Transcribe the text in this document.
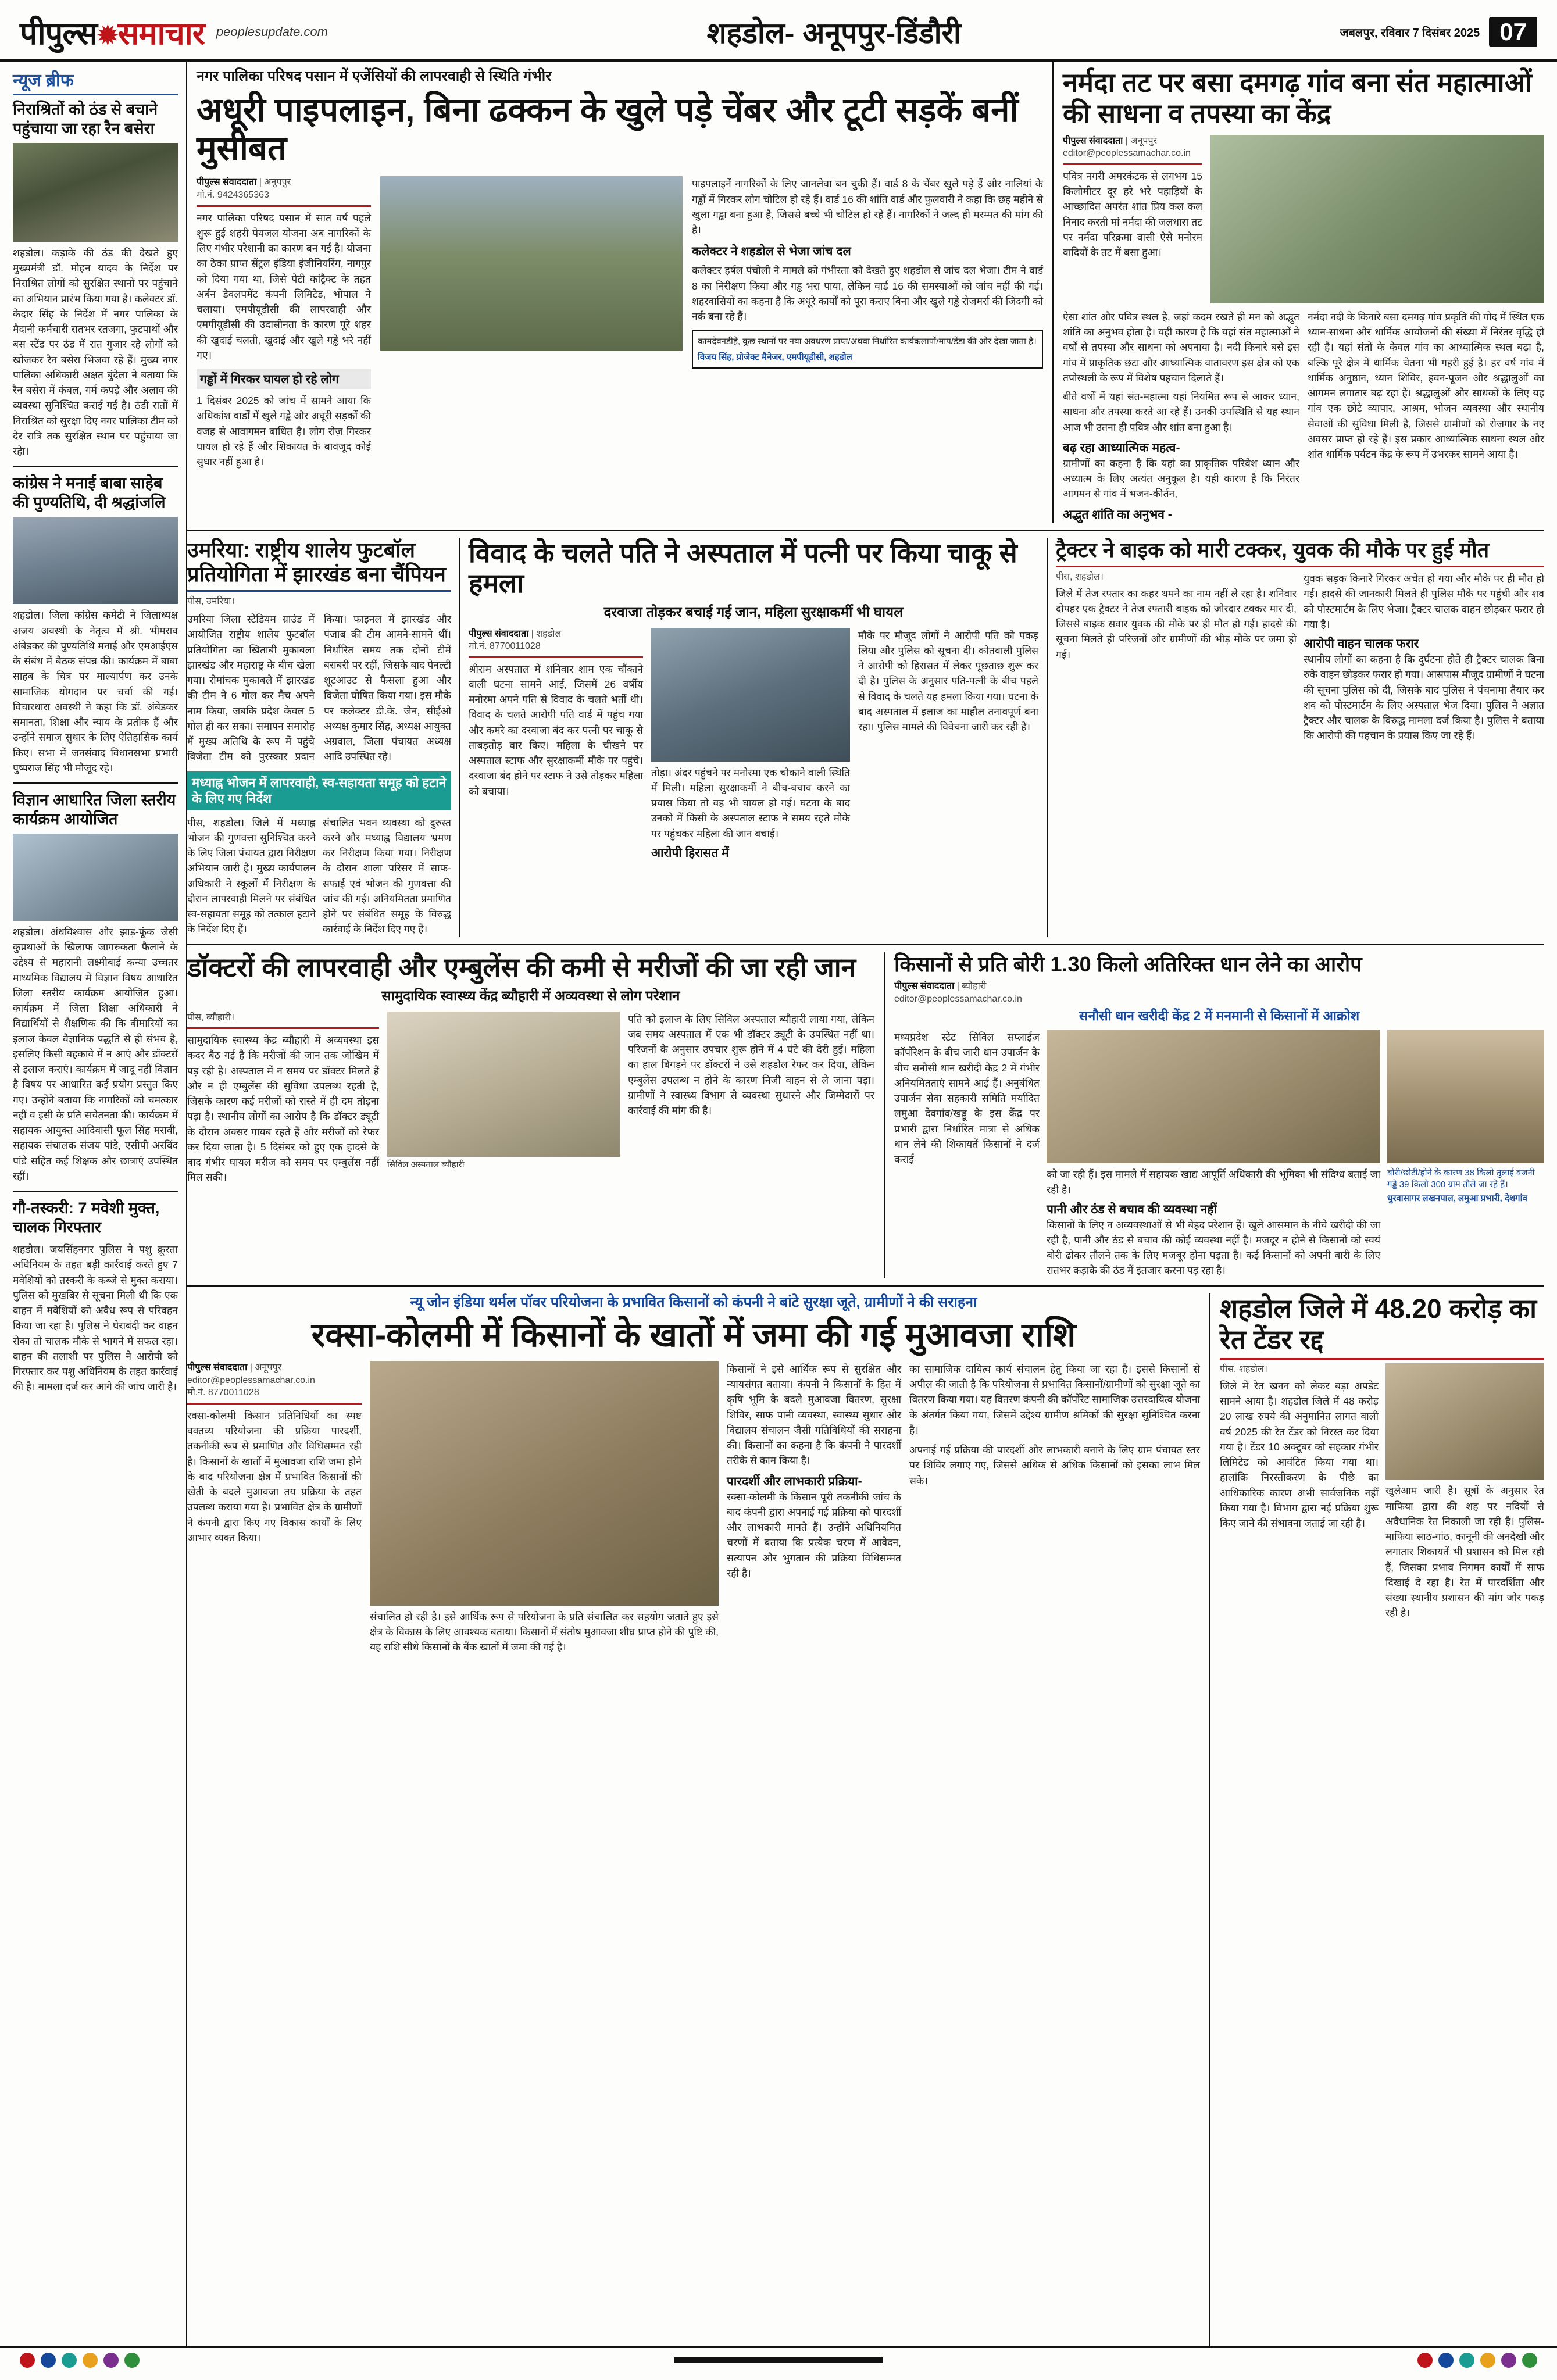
पीपुल्स✹समाचार peoplesupdate.com	शहडोल- अनूपपुर-डिंडौरी	जबलपुर, रविवार 7 दिसंबर 2025 07
न्यूज ब्रीफ
निराश्रितों को ठंड से बचाने पहुंचाया जा रहा रैन बसेरा
शहडोल। कड़ाके की ठंड की देखते हुए मुख्यमंत्री डॉ. मोहन यादव के निर्देश पर निराश्रित लोगों को सुरक्षित स्थानों पर पहुंचाने का अभियान प्रारंभ किया गया है। कलेक्टर डॉ. केदार सिंह के निर्देश में नगर पालिका के मैदानी कर्मचारी रातभर रतजगा, फुटपाथों और बस स्टेंड पर ठंड में रात गुजार रहे लोगों को खोजकर रैन बसेरा भिजवा रहे हैं। मुख्य नगर पालिका अधिकारी अक्षत बुंदेला ने बताया कि रैन बसेरा में कंबल, गर्म कपड़े और अलाव की व्यवस्था सुनिश्चित कराई गई है। ठंडी रातों में निराश्रित को सुरक्षा दिए नगर पालिका टीम को देर रात्रि तक सुरक्षित स्थान पर पहुंचाया जा रहेा।
कांग्रेस ने मनाई बाबा साहेब की पुण्यतिथि, दी श्रद्धांजलि
शहडोल। जिला कांग्रेस कमेटी ने जिलाध्यक्ष अजय अवस्थी के नेतृत्व में श्री. भीमराव अंबेडकर की पुण्यतिथि मनाई और एमआईएस के संबंध में बैठक संपन्न की। कार्यक्रम में बाबा साहब के चित्र पर माल्यार्पण कर उनके सामाजिक योगदान पर चर्चा की गई। विचारधारा अवस्थी ने कहा कि डॉ. अंबेडकर समानता, शिक्षा और न्याय के प्रतीक हैं और उन्होंने समाज सुधार के लिए ऐतिहासिक कार्य किए। सभा में जनसंवाद विधानसभा प्रभारी पुष्पराज सिंह भी मौजूद रहे।
विज्ञान आधारित जिला स्तरीय कार्यक्रम आयोजित
शहडोल। अंधविश्वास और झाड़-फूंक जैसी कुप्रथाओं के खिलाफ जागरुकता फैलाने के उद्देश्य से महारानी लक्ष्मीबाई कन्या उच्चतर माध्यमिक विद्यालय में विज्ञान विषय आधारित जिला स्तरीय कार्यक्रम आयोजित हुआ। कार्यक्रम में जिला शिक्षा अधिकारी ने विद्यार्थियों से शैक्षणिक की कि बीमारियों का इलाज केवल वैज्ञानिक पद्धति से ही संभव है, इसलिए किसी बहकावे में न आएं और डॉक्टरों से इलाज कराएं। कार्यक्रम में जादू नहीं विज्ञान है विषय पर आधारित कई प्रयोग प्रस्तुत किए गए। उन्होंने बताया कि नागरिकों को चमत्कार नहीं व इसी के प्रति सचेतनता की। कार्यक्रम में सहायक आयुक्त आदिवासी फूल सिंह मरावी, सहायक संचालक संजय पांडे, एसीपी अरविंद पांडे सहित कई शिक्षक और छात्राएं उपस्थित रहीं।
गौ-तस्करी: 7 मवेशी मुक्त, चालक गिरफ्तार
शहडोल। जयसिंहनगर पुलिस ने पशु क्रूरता अधिनियम के तहत बड़ी कार्रवाई करते हुए 7 मवेशियों को तस्करी के कब्जे से मुक्त कराया। पुलिस को मुखबिर से सूचना मिली थी कि एक वाहन में मवेशियों को अवैध रूप से परिवहन किया जा रहा है। पुलिस ने घेराबंदी कर वाहन रोका तो चालक मौके से भागने में सफल रहा। वाहन की तलाशी पर पुलिस ने आरोपी को गिरफ्तार कर पशु अधिनियम के तहत कार्रवाई की है। मामला दर्ज कर आगे की जांच जारी है।
नगर पालिका परिषद पसान में एजेंसियों की लापरवाही से स्थिति गंभीर
अधूरी पाइपलाइन, बिना ढक्कन के खुले पड़े चेंबर और टूटी सड़कें बनीं मुसीबत
पीपुल्स संवाददाता | अनूपपुर
मो.नं. 9424365363
नगर पालिका परिषद पसान में सात वर्ष पहले शुरू हुई शहरी पेयजल योजना अब नागरिकों के लिए गंभीर परेशानी का कारण बन गई है। योजना का ठेका प्राप्त सेंट्रल इंडिया इंजीनियरिंग, नागपुर को दिया गया था, जिसे पेटी कांट्रैक्ट के तहत अर्बन डेवलपमेंट कंपनी लिमिटेड, भोपाल ने चलाया। एमपीयूडीसी की लापरवाही और एमपीयूडीसी की उदासीनता के कारण पूरे शहर की खुदाई चलती, खुदाई और खुले गड्ढे भरे नहीं गए।
गड्ढों में गिरकर घायल हो रहे लोग
1 दिसंबर 2025 को जांच में सामने आया कि अधिकांश वार्डों में खुले गड्ढे और अधूरी सड़कों की वजह से आवागमन बाधित है। लोग रोज़ गिरकर घायल हो रहे हैं और शिकायत के बावजूद कोई सुधार नहीं हुआ है।
पाइपलाइनें नागरिकों के लिए जानलेवा बन चुकी हैं। वार्ड 8 के चेंबर खुले पड़े हैं और नालियां के गड्ढों में गिरकर लोग चोटिल हो रहे हैं। वार्ड 16 की शांति वार्ड और फुलवारी ने कहा कि छह महीने से खुला गड्ढा बना हुआ है, जिससे बच्चे भी चोटिल हो रहे हैं। नागरिकों ने जल्द ही मरम्मत की मांग की है।
कलेक्टर ने शहडोल से भेजा जांच दल
कलेक्टर हर्षल पंचोली ने मामले को गंभीरता को देखते हुए शहडोल से जांच दल भेजा। टीम ने वार्ड 8 का निरीक्षण किया और गड्ढ भरा पाया, लेकिन वार्ड 16 की समस्याओं को जांच नहीं की गई। शहरवासियों का कहना है कि अधूरे कार्यों को पूरा कराए बिना और खुले गड्ढे रोजमर्रा की जिंदगी को नर्क बना रहे हैं।
कामदेवनडीहे, कुछ स्थानों पर नया अवधरण प्राप्त/अथवा निर्धारित कार्यकलापों/माप/डेंडा की ओर देखा जाता है।
विजय सिंह, प्रोजेक्ट मैनेजर, एमपीयूडीसी, शहडोल
नर्मदा तट पर बसा दमगढ़ गांव बना संत महात्माओं की साधना व तपस्या का केंद्र
पीपुल्स संवाददाता | अनूपपुर
editor@peoplessamachar.co.in
पवित्र नगरी अमरकंटक से लगभग 15 किलोमीटर दूर हरे भरे पहाड़ियों के आच्छादित अपरंत शांत प्रिय कल कल निनाद करती मां नर्मदा की जलधारा तट पर नर्मदा परिक्रमा वासी ऐसे मनोरम वादियों के तट में बसा हुआ।
ऐसा शांत और पवित्र स्थल है, जहां कदम रखते ही मन को अद्भुत शांति का अनुभव होता है। यही कारण है कि यहां संत महात्माओं ने वर्षों से तपस्या और साधना को अपनाया है। नदी किनारे बसे इस गांव में प्राकृतिक छटा और आध्यात्मिक वातावरण इस क्षेत्र को एक तपोस्थली के रूप में विशेष पहचान दिलाते हैं।
बीते वर्षों में यहां संत-महात्मा यहां नियमित रूप से आकर ध्यान, साधना और तपस्या करते आ रहे हैं। उनकी उपस्थिति से यह स्थान आज भी उतना ही पवित्र और शांत बना हुआ है।
बढ़ रहा आध्यात्मिक महत्व-
ग्रामीणों का कहना है कि यहां का प्राकृतिक परिवेश ध्यान और अध्यात्म के लिए अत्यंत अनुकूल है। यही कारण है कि निरंतर आगमन से गांव में भजन-कीर्तन,
अद्भुत शांति का अनुभव -
नर्मदा नदी के किनारे बसा दमगढ़ गांव प्रकृति की गोद में स्थित एक ध्यान-साधना और धार्मिक आयोजनों की संख्या में निरंतर वृद्धि हो रही है। यहां संतों के केवल गांव का आध्यात्मिक स्थल बढ़ा है, बल्कि पूरे क्षेत्र में धार्मिक चेतना भी गहरी हुई है। हर वर्ष गांव में धार्मिक अनुष्ठान, ध्यान शिविर, हवन-पूजन और श्रद्धालुओं का आगमन लगातार बढ़ रहा है। श्रद्धालुओं और साधकों के लिए यह गांव एक छोटे व्यापार, आश्रम, भोजन व्यवस्था और स्थानीय सेवाओं की सुविधा मिली है, जिससे ग्रामीणों को रोजगार के नए अवसर प्राप्त हो रहे हैं। इस प्रकार आध्यात्मिक साधना स्थल और शांत धार्मिक पर्यटन केंद्र के रूप में उभरकर सामने आया है।
उमरिया: राष्ट्रीय शालेय फुटबॉल प्रतियोगिता में झारखंड बना चैंपियन
पीस, उमरिया।
उमरिया जिला स्टेडियम ग्राउंड में आयोजित राष्ट्रीय शालेय फुटबॉल प्रतियोगिता का खिताबी मुकाबला झारखंड और महाराष्ट्र के बीच खेला गया। रोमांचक मुकाबले में झारखंड की टीम ने 6 गोल कर मैच अपने नाम किया, जबकि प्रदेश केवल 5 गोल ही कर सका। समापन समारोह में मुख्य अतिथि के रूप में पहुंचे विजेता टीम को पुरस्कार प्रदान किया। फाइनल में झारखंड और पंजाब की टीम आमने-सामने थीं। निर्धारित समय तक दोनों टीमें बराबरी पर रहीं, जिसके बाद पेनल्टी शूटआउट से फैसला हुआ और विजेता घोषित किया गया। इस मौके पर कलेक्टर डी.के. जैन, सीईओ अध्यक्ष कुमार सिंह, अध्यक्ष आयुक्त अग्रवाल, जिला पंचायत अध्यक्ष आदि उपस्थित रहे।
मध्याह्न भोजन में लापरवाही, स्व-सहायता समूह को हटाने के लिए गए निर्देश
पीस, शहडोल। जिले में मध्याह्न भोजन की गुणवत्ता सुनिश्चित करने के लिए जिला पंचायत द्वारा निरीक्षण अभियान जारी है। मुख्य कार्यपालन अधिकारी ने स्कूलों में निरीक्षण के दौरान लापरवाही मिलने पर संबंधित स्व-सहायता समूह को तत्काल हटाने के निर्देश दिए हैं।
संचालित भवन व्यवस्था को दुरुस्त करने और मध्याह्न विद्यालय भ्रमण कर निरीक्षण किया गया। निरीक्षण के दौरान शाला परिसर में साफ-सफाई एवं भोजन की गुणवत्ता की जांच की गई। अनियमितता प्रमाणित होने पर संबंधित समूह के विरुद्ध कार्रवाई के निर्देश दिए गए हैं।
विवाद के चलते पति ने अस्पताल में पत्नी पर किया चाकू से हमला
दरवाजा तोड़कर बचाई गई जान, महिला सुरक्षाकर्मी भी घायल
पीपुल्स संवाददाता | शहडोल
मो.नं. 8770011028
श्रीराम अस्पताल में शनिवार शाम एक चौंकाने वाली घटना सामने आई, जिसमें 26 वर्षीय मनोरमा अपने पति से विवाद के चलते भर्ती थी। विवाद के चलते आरोपी पति वार्ड में पहुंच गया और कमरे का दरवाजा बंद कर पत्नी पर चाकू से ताबड़तोड़ वार किए। महिला के चीखने पर अस्पताल स्टाफ और सुरक्षाकर्मी मौके पर पहुंचे। दरवाजा बंद होने पर स्टाफ ने उसे तोड़कर महिला को बचाया।
तोड़ा। अंदर पहुंचने पर मनोरमा एक चौकाने वाली स्थिति में मिली। महिला सुरक्षाकर्मी ने बीच-बचाव करने का प्रयास किया तो वह भी घायल हो गई। घटना के बाद उनको में किसी के अस्पताल स्टाफ ने समय रहते मौके पर पहुंचकर महिला की जान बचाई।
आरोपी हिरासत में
मौके पर मौजूद लोगों ने आरोपी पति को पकड़ लिया और पुलिस को सूचना दी। कोतवाली पुलिस ने आरोपी को हिरासत में लेकर पूछताछ शुरू कर दी है। पुलिस के अनुसार पति-पत्नी के बीच पहले से विवाद के चलते यह हमला किया गया। घटना के बाद अस्पताल में इलाज का माहौल तनावपूर्ण बना रहा। पुलिस मामले की विवेचना जारी कर रही है।
ट्रैक्टर ने बाइक को मारी टक्कर, युवक की मौके पर हुई मौत
पीस, शहडोल।
जिले में तेज रफ्तार का कहर थमने का नाम नहीं ले रहा है। शनिवार दोपहर एक ट्रैक्टर ने तेज रफ्तारी बाइक को जोरदार टक्कर मार दी, जिससे बाइक सवार युवक की मौके पर ही मौत हो गई। हादसे की सूचना मिलते ही परिजनों और ग्रामीणों की भीड़ मौके पर जमा हो गई।
युवक सड़क किनारे गिरकर अचेत हो गया और मौके पर ही मौत हो गई। हादसे की जानकारी मिलते ही पुलिस मौके पर पहुंची और शव को पोस्टमार्टम के लिए भेजा। ट्रैक्टर चालक वाहन छोड़कर फरार हो गया है।
आरोपी वाहन चालक फरार
स्थानीय लोगों का कहना है कि दुर्घटना होते ही ट्रैक्टर चालक बिना रुके वाहन छोड़कर फरार हो गया। आसपास मौजूद ग्रामीणों ने घटना की सूचना पुलिस को दी, जिसके बाद पुलिस ने पंचनामा तैयार कर शव को पोस्टमार्टम के लिए अस्पताल भेज दिया। पुलिस ने अज्ञात ट्रैक्टर और चालक के विरुद्ध मामला दर्ज किया है। पुलिस ने बताया कि आरोपी की पहचान के प्रयास किए जा रहे हैं।
डॉक्टरों की लापरवाही और एम्बुलेंस की कमी से मरीजों की जा रही जान
सामुदायिक स्वास्थ्य केंद्र ब्यौहारी में अव्यवस्था से लोग परेशान
पीस, ब्यौहारी।
सामुदायिक स्वास्थ्य केंद्र ब्यौहारी में अव्यवस्था इस कदर बैठ गई है कि मरीजों की जान तक जोखिम में पड़ रही है। अस्पताल में न समय पर डॉक्टर मिलते हैं और न ही एम्बुलेंस की सुविधा उपलब्ध रहती है, जिसके कारण कई मरीजों को रास्ते में ही दम तोड़ना पड़ा है। स्थानीय लोगों का आरोप है कि डॉक्टर ड्यूटी के दौरान अक्सर गायब रहते हैं और मरीजों को रेफर कर दिया जाता है। 5 दिसंबर को हुए एक हादसे के बाद गंभीर घायल मरीज को समय पर एम्बुलेंस नहीं मिल सकी।
सिविल अस्पताल ब्यौहारी
पति को इलाज के लिए सिविल अस्पताल ब्यौहारी लाया गया, लेकिन जब समय अस्पताल में एक भी डॉक्टर ड्यूटी के उपस्थित नहीं था। परिजनों के अनुसार उपचार शुरू होने में 4 घंटे की देरी हुई। महिला का हाल बिगड़ने पर डॉक्टरों ने उसे शहडोल रेफर कर दिया, लेकिन एम्बुलेंस उपलब्ध न होने के कारण निजी वाहन से ले जाना पड़ा। ग्रामीणों ने स्वास्थ्य विभाग से व्यवस्था सुधारने और जिम्मेदारों पर कार्रवाई की मांग की है।
किसानों से प्रति बोरी 1.30 किलो अतिरिक्त धान लेने का आरोप
पीपुल्स संवाददाता | ब्यौहारी
editor@peoplessamachar.co.in
सनौसी धान खरीदी केंद्र 2 में मनमानी से किसानों में आक्रोश
मध्यप्रदेश स्टेट सिविल सप्लाईज कॉर्पोरेशन के बीच जारी धान उपार्जन के बीच सनौसी धान खरीदी केंद्र 2 में गंभीर अनियमितताएं सामने आई हैं। अनुबंधित उपार्जन सेवा सहकारी समिति मर्यादित लमुआ देवगांव/खड्डू के इस केंद्र पर प्रभारी द्वारा निर्धारित मात्रा से अधिक धान लेने की शिकायतें किसानों ने दर्ज कराई
को जा रही हैं। इस मामले में सहायक खाद्य आपूर्ति अधिकारी की भूमिका भी संदिग्ध बताई जा रही है।
पानी और ठंड से बचाव की व्यवस्था नहीं
किसानों के लिए न अव्यवस्थाओं से भी बेहद परेशान हैं। खुले आसमान के नीचे खरीदी की जा रही है, पानी और ठंड से बचाव की कोई व्यवस्था नहीं है। मजदूर न होने से किसानों को स्वयं बोरी ढोकर तौलने तक के लिए मजबूर होना पड़ता है। कई किसानों को अपनी बारी के लिए रातभर कड़ाके की ठंड में इंतजार करना पड़ रहा है।
बोरी/छोटी/होने के कारण 38 किलो तुलाई वजनी गड्ढे 39 किलो 300 ग्राम तौले जा रहे हैं।
धुरवासागर लखनपाल, लमुआ प्रभारी, देशगांव
न्यू जोन इंडिया थर्मल पॉवर परियोजना के प्रभावित किसानों को कंपनी ने बांटे सुरक्षा जूते, ग्रामीणों ने की सराहना
रक्सा-कोलमी में किसानों के खातों में जमा की गई मुआवजा राशि
पीपुल्स संवाददाता | अनूपपुर
editor@peoplessamachar.co.in
मो.नं. 8770011028
रक्सा-कोलमी किसान प्रतिनिधियों का स्पष्ट वक्तव्य परियोजना की प्रक्रिया पारदर्शी, तकनीकी रूप से प्रमाणित और विधिसम्मत रही है। किसानों के खातों में मुआवजा राशि जमा होने के बाद परियोजना क्षेत्र में प्रभावित किसानों की खेती के बदले मुआवजा तय प्रक्रिया के तहत उपलब्ध कराया गया है। प्रभावित क्षेत्र के ग्रामीणों ने कंपनी द्वारा किए गए विकास कार्यों के लिए आभार व्यक्त किया।
संचालित हो रही है। इसे आर्थिक रूप से परियोजना के प्रति संचालित कर सहयोग जताते हुए इसे क्षेत्र के विकास के लिए आवश्यक बताया। किसानों में संतोष मुआवजा शीघ्र प्राप्त होने की पुष्टि की, यह राशि सीधे किसानों के बैंक खातों में जमा की गई है।
किसानों ने इसे आर्थिक रूप से सुरक्षित और न्यायसंगत बताया। कंपनी ने किसानों के हित में कृषि भूमि के बदले मुआवजा वितरण, सुरक्षा शिविर, साफ पानी व्यवस्था, स्वास्थ्य सुधार और विद्यालय संचालन जैसी गतिविधियों की सराहना की। किसानों का कहना है कि कंपनी ने पारदर्शी तरीके से काम किया है।
पारदर्शी और लाभकारी प्रक्रिया-
रक्सा-कोलमी के किसान पूरी तकनीकी जांच के बाद कंपनी द्वारा अपनाई गई प्रक्रिया को पारदर्शी और लाभकारी मानते हैं। उन्होंने अधिनियमित चरणों में बताया कि प्रत्येक चरण में आवेदन, सत्यापन और भुगतान की प्रक्रिया विधिसम्मत रही है।
का सामाजिक दायित्व कार्य संचालन हेतु किया जा रहा है। इससे किसानों से अपील की जाती है कि परियोजना से प्रभावित किसानों/ग्रामीणों को सुरक्षा जूते का वितरण किया गया। यह वितरण कंपनी की कॉर्पोरेट सामाजिक उत्तरदायित्व योजना के अंतर्गत किया गया, जिसमें उद्देश्य ग्रामीण श्रमिकों की सुरक्षा सुनिश्चित करना है।
अपनाई गई प्रक्रिया की पारदर्शी और लाभकारी बनाने के लिए ग्राम पंचायत स्तर पर शिविर लगाए गए, जिससे अधिक से अधिक किसानों को इसका लाभ मिल सके।
शहडोल जिले में 48.20 करोड़ का रेत टेंडर रद्द
पीस, शहडोल।
जिले में रेत खनन को लेकर बड़ा अपडेट सामने आया है। शहडोल जिले में 48 करोड़ 20 लाख रुपये की अनुमानित लागत वाली वर्ष 2025 की रेत टेंडर को निरस्त कर दिया गया है। टेंडर 10 अक्टूबर को सहकार गंभीर लिमिटेड को आवंटित किया गया था। हालांकि निरस्तीकरण के पीछे का आधिकारिक कारण अभी सार्वजनिक नहीं किया गया है। विभाग द्वारा नई प्रक्रिया शुरू किए जाने की संभावना जताई जा रही है।
खुलेआम जारी है। सूत्रों के अनुसार रेत माफिया द्वारा की शह पर नदियों से अवैधानिक रेत निकाली जा रही है। पुलिस-माफिया साठ-गांठ, कानूनी की अनदेखी और लगातार शिकायतें भी प्रशासन को मिल रही हैं, जिसका प्रभाव निगमन कार्यों में साफ दिखाई दे रहा है। रेत में पारदर्शिता और संख्या स्थानीय प्रशासन की मांग जोर पकड़ रही है।
